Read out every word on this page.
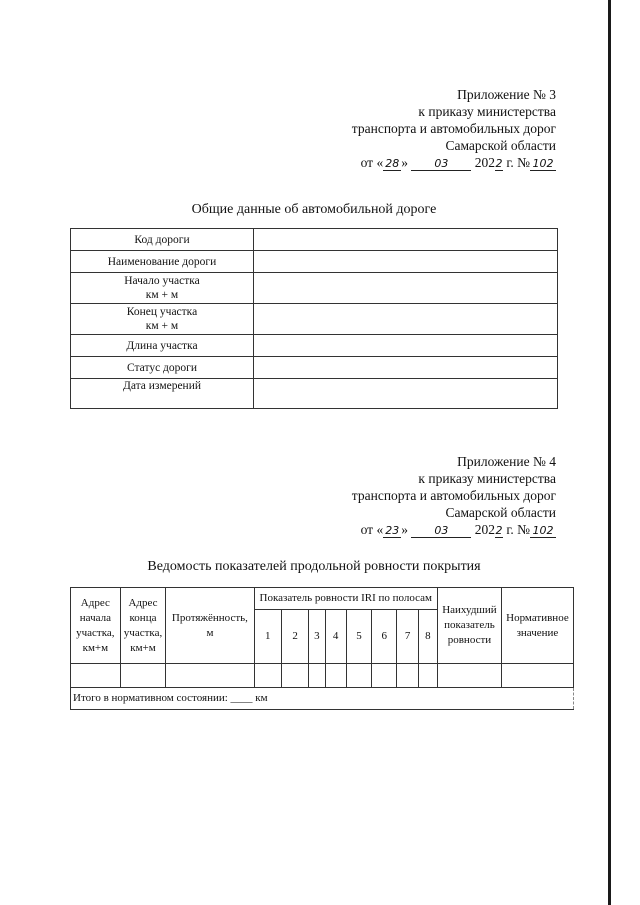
Приложение № 3
к приказу министерства
транспорта и автомобильных дорог
Самарской области
от « 28 » 03 2022 г. № 102
Общие данные об автомобильной дороге
Код дороги	
Наименование дороги	
Начало участка
км + м	
Конец участка
км + м	
Длина участка	
Статус дороги	
Дата измерений	
Приложение № 4
к приказу министерства
транспорта и автомобильных дорог
Самарской области
от « 23 » 03 2022 г. № 102
Ведомость показателей продольной ровности покрытия
Адрес
начала
участка,
км+м	Адрес
конца
участка,
км+м	Протяжённость, м	Показатель ровности IRI по полосам								Наихудший показатель ровности	Нормативное значение
			1	2	3	4	5	6	7	8		

Итого в нормативном состоянии: ____ км												
